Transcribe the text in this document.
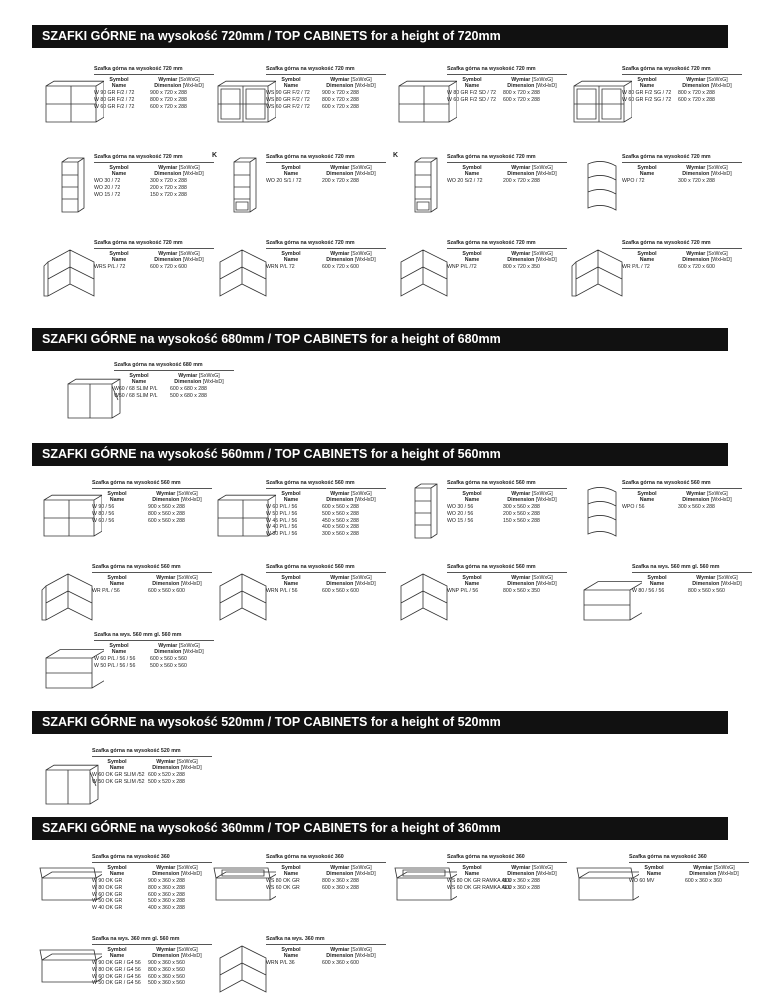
SZAFKI GÓRNE na wysokość 720mm / TOP CABINETS for a height of 720mm
SZAFKI GÓRNE na wysokość 680mm / TOP CABINETS for a height of 680mm
SZAFKI GÓRNE na wysokość 560mm / TOP CABINETS for a height of 560mm
SZAFKI GÓRNE na wysokość 520mm / TOP CABINETS for a height of 520mm
SZAFKI GÓRNE na wysokość 360mm / TOP CABINETS for a height of 360mm
K	K
Szafka górna na wysokość 720 mm
Symbol
Name
Wymiar [SxWxG]
Dimension [WxHxD]
W 90 GR F/2 / 72	900 x 720 x 288
W 80 GR F/2 / 72	800 x 720 x 288
W 60 GR F/2 / 72	600 x 720 x 288
Szafka górna na wysokość 720 mm
Symbol
Name
Wymiar [SxWxG]
Dimension [WxHxD]
WS 90 GR F/2 / 72	900 x 720 x 288
WS 80 GR F/2 / 72	800 x 720 x 288
WS 60 GR F/2 / 72	600 x 720 x 288
Szafka górna na wysokość 720 mm
Symbol
Name
Wymiar [SxWxG]
Dimension [WxHxD]
W 80 GR F/2 SD / 72	800 x 720 x 288
W 60 GR F/2 SD / 72	600 x 720 x 288
Szafka górna na wysokość 720 mm
Symbol
Name
Wymiar [SxWxG]
Dimension [WxHxD]
W 80 GR F/2 SG / 72	800 x 720 x 288
W 60 GR F/2 SG / 72	600 x 720 x 288
Szafka górna na wysokość 720 mm
Symbol
Name
Wymiar [SxWxG]
Dimension [WxHxD]
WO 30 / 72	300 x 720 x 288
WO 20 / 72	200 x 720 x 288
WO 15 / 72	150 x 720 x 288
Szafka górna na wysokość 720 mm
Symbol
Name
Wymiar [SxWxG]
Dimension [WxHxD]
WO 20 S/1 / 72	200 x 720 x 288
Szafka górna na wysokość 720 mm
Symbol
Name
Wymiar [SxWxG]
Dimension [WxHxD]
WO 20 S/2 / 72	200 x 720 x 288
Szafka górna na wysokość 720 mm
Symbol
Name
Wymiar [SxWxG]
Dimension [WxHxD]
WPO / 72	300 x 720 x 288
Szafka górna na wysokość 720 mm
Symbol
Name
Wymiar [SxWxG]
Dimension [WxHxD]
WRS P/L / 72	600 x 720 x 600
Szafka górna na wysokość 720 mm
Symbol
Name
Wymiar [SxWxG]
Dimension [WxHxD]
WRN P/L 72	600 x 720 x 600
Szafka górna na wysokość 720 mm
Symbol
Name
Wymiar [SxWxG]
Dimension [WxHxD]
WNP P/L /72	800 x 720 x 350
Szafka górna na wysokość 720 mm
Symbol
Name
Wymiar [SxWxG]
Dimension [WxHxD]
WR P/L / 72	600 x 720 x 600
Szafka górna na wysokość 680 mm
Symbol
Name
Wymiar [SxWxG]
Dimension [WxHxD]
W60 / 68 SLIM P/L	600 x 680 x 288
W50 / 68 SLIM P/L	500 x 680 x 288
Szafka górna na wysokość 560 mm
Symbol
Name
Wymiar [SxWxG]
Dimension [WxHxD]
W 90 / 56	900 x 560 x 288
W 80 / 56	800 x 560 x 288
W 60 / 56	600 x 560 x 288
Szafka górna na wysokość 560 mm
Symbol
Name
Wymiar [SxWxG]
Dimension [WxHxD]
W 60 P/L / 56	600 x 560 x 288
W 50 P/L / 56	500 x 560 x 288
W 45 P/L / 56	450 x 560 x 288
W 40 P/L / 56	400 x 560 x 288
W 30 P/L / 56	300 x 560 x 288
Szafka górna na wysokość 560 mm
Symbol
Name
Wymiar [SxWxG]
Dimension [WxHxD]
WO 30 / 56	300 x 560 x 288
WO 20 / 56	200 x 560 x 288
WO 15 / 56	150 x 560 x 288
Szafka górna na wysokość 560 mm
Symbol
Name
Wymiar [SxWxG]
Dimension [WxHxD]
WPO / 56	300 x 560 x 288
Szafka górna na wysokość 560 mm
Symbol
Name
Wymiar [SxWxG]
Dimension [WxHxD]
WR P/L / 56	600 x 560 x 600
Szafka górna na wysokość 560 mm
Symbol
Name
Wymiar [SxWxG]
Dimension [WxHxD]
WRN P/L / 56	600 x 560 x 600
Szafka górna na wysokość 560 mm
Symbol
Name
Wymiar [SxWxG]
Dimension [WxHxD]
WNP P/L / 56	800 x 560 x 350
Szafka na wys. 560 mm gl. 560 mm
Symbol
Name
Wymiar [SxWxG]
Dimension [WxHxD]
W 80 / 56 / 56	800 x 560 x 560
Szafka na wys. 560 mm gl. 560 mm
Symbol
Name
Wymiar [SxWxG]
Dimension [WxHxD]
W 60 P/L / 56 / 56	600 x 560 x 560
W 50 P/L / 56 / 56	500 x 560 x 560
Szafka górna na wysokość 520 mm
Symbol
Name
Wymiar [SxWxG]
Dimension [WxHxD]
W 60 OK GR SLIM /52 600 x 520 x 288
W 50 OK GR SLIM /52 500 x 520 x 288
Szafka górna na wysokość 360
Symbol
Name
Wymiar [SxWxG]
Dimension [WxHxD]
W 90 OK GR	900 x 360 x 288
W 80 OK GR	800 x 360 x 288
W 60 OK GR	600 x 360 x 288
W 50 OK GR	500 x 360 x 288
W 40 OK GR	400 x 360 x 288
Szafka górna na wysokość 360
Symbol
Name
Wymiar [SxWxG]
Dimension [WxHxD]
WS 80 OK GR	800 x 360 x 288
WS 60 OK GR	600 x 360 x 288
Szafka górna na wysokość 360
Symbol
Name
Wymiar [SxWxG]
Dimension [WxHxD]
WS 80 OK GR RAMKA ALU
800 x 360 x 288
WS 60 OK GR RAMKA ALU
600 x 360 x 288
Szafka górna na wysokość 360
Symbol
Name
Wymiar [SxWxG]
Dimension [WxHxD]
WO 60 MV	600 x 360 x 360
Szafka na wys. 360 mm gl. 560 mm
Symbol
Name
Wymiar [SxWxG]
Dimension [WxHxD]
W 90 OK GR / G4 56	900 x 360 x 560
W 80 OK GR / G4 56	800 x 360 x 560
W 60 OK GR / G4 56	600 x 360 x 560
W 50 OK GR / G4 56	500 x 360 x 560
Szafka na wys. 360 mm
Symbol
Name
Wymiar [SxWxG]
Dimension [WxHxD]
WRN P/L 36	600 x 360 x 600
